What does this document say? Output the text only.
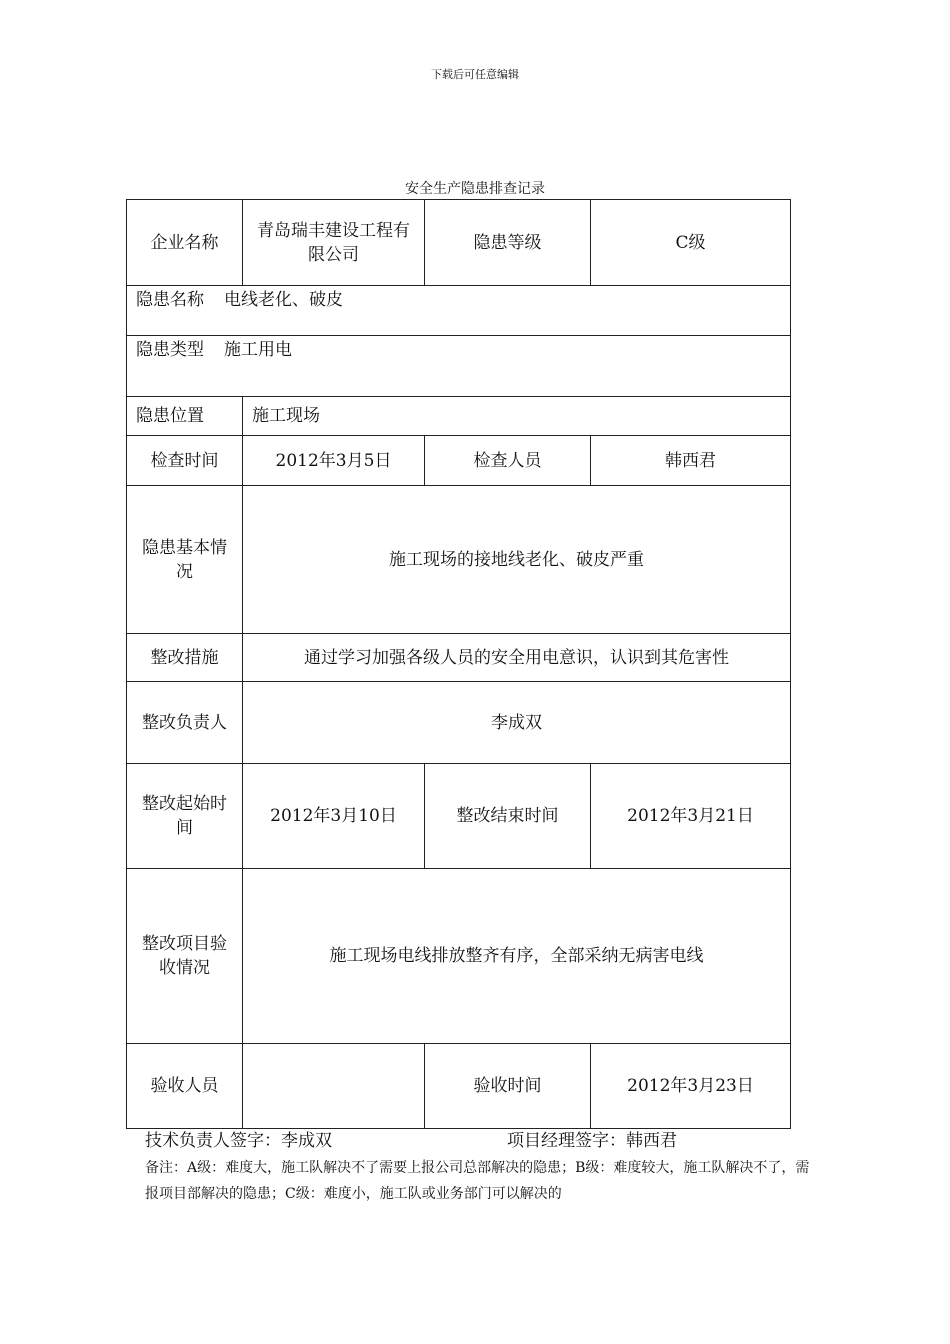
下载后可任意编辑
安全生产隐患排查记录
企业名称	青岛瑞丰建设工程有限公司	隐患等级	C级
隐患名称 电线老化、破皮			
隐患类型 施工用电			
隐患位置	施工现场		
检查时间	2012年3月5日	检查人员	韩西君
隐患基本情况	施工现场的接地线老化、破皮严重		
整改措施	通过学习加强各级人员的安全用电意识，认识到其危害性		
整改负责人	李成双		
整改起始时间	2012年3月10日	整改结束时间	2012年3月21日
整改项目验收情况	施工现场电线排放整齐有序，全部采纳无病害电线		
验收人员		验收时间	2012年3月23日
技术负责人签字：李成双	项目经理签字：韩西君
备注：A级：难度大，施工队解决不了需要上报公司总部解决的隐患；B级：难度较大，施工队解决不了，需报项目部解决的隐患；C级：难度小，施工队或业务部门可以解决的
